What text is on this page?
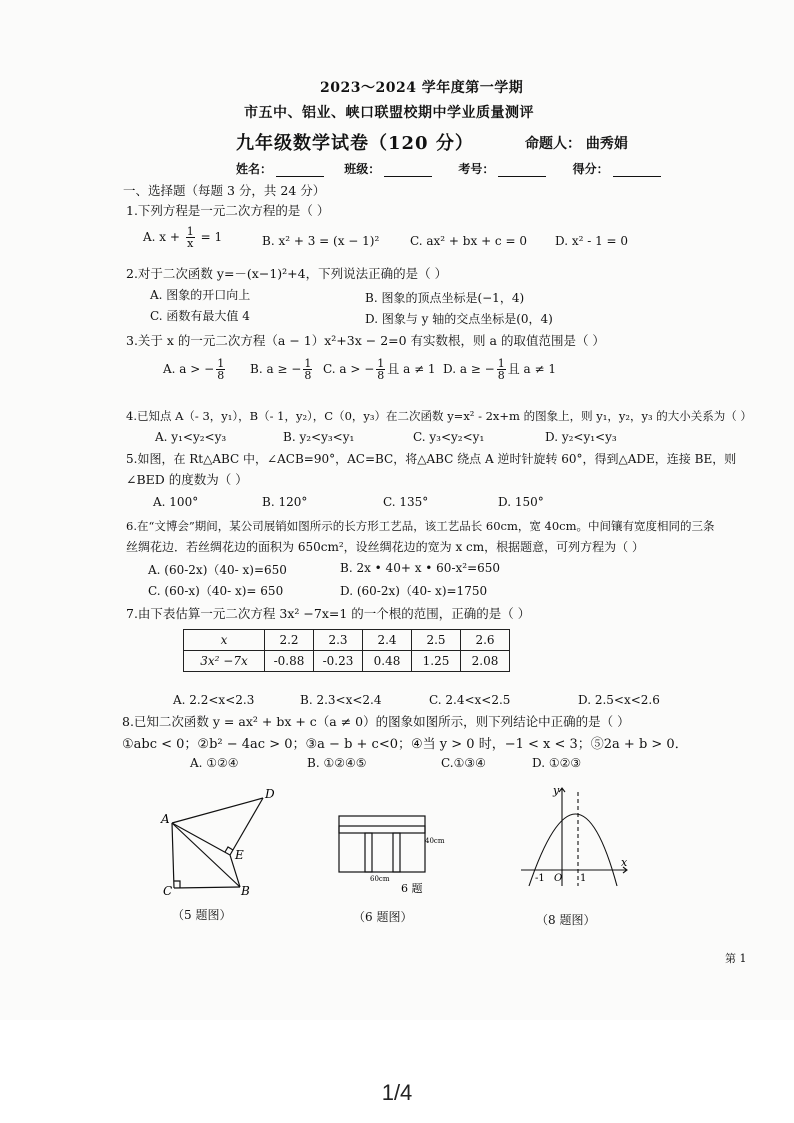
2023～2024 学年度第一学期
市五中、铝业、峡口联盟校期中学业质量测评
九年级数学试卷（120 分）	命题人： 曲秀娟
姓名：	班级：	考号：	得分：
一、选择题（每题 3 分，共 24 分）
1.下列方程是一元二次方程的是（ ）
A. $x + \frac{1}{x} = 1$	B. x² + 3 = (x − 1)²	C. ax² + bx + c = 0 D. x² - 1 = 0
2.对于二次函数 y=－(x−1)²+4，下列说法正确的是（ ）
A. 图象的开口向上	B. 图象的顶点坐标是(−1，4)
C. 函数有最大值 4	D. 图象与 y 轴的交点坐标是(0，4)
3.关于 x 的一元二次方程（a − 1）x²+3x − 2=0 有实数根，则 a 的取值范围是（ ）
A. a > − $\frac{1}{8} B$. a ≥ − $\frac{1}{8} C$. a > − $\frac{1}{8}$ 且 a ≠ 1 D. a ≥ − $\frac{1}{8}$ 且 a ≠ 1
4.已知点 A（- 3，y₁），B（- 1，y₂），C（0，y₃）在二次函数 y=x² - 2x+m 的图象上，则 y₁，y₂，y₃ 的大小关系为（ ）
A. y₁<y₂<y₃	B. y₂<y₃<y₁	C. y₃<y₂<y₁	D. y₂<y₁<y₃
5.如图，在 Rt△ABC 中，∠ACB=90°，AC=BC，将△ABC 绕点 A 逆时针旋转 60°，得到△ADE，连接 BE，则
∠BED 的度数为（ ）
A. 100°	B. 120°	C. 135°	D. 150°
6.在“文博会”期间，某公司展销如图所示的长方形工艺品，该工艺品长 60cm，宽 40cm。中间镶有宽度相同的三条
丝绸花边．若丝绸花边的面积为 650cm²，设丝绸花边的宽为 x cm，根据题意，可列方程为（ ）
A. (60-2x)（40- x)=650	B. 2x • 40+ x • 60-x²=650
C. (60-x)（40- x)= 650	D. (60-2x)（40- x)=1750
7.由下表估算一元二次方程 3x² −7x=1 的一个根的范围，正确的是（ ）
x	2.2	2.3	2.4	2.5	2.6
3x² −7x	-0.88	-0.23	0.48	1.25	2.08
A. 2.2<x<2.3	B. 2.3<x<2.4	C. 2.4<x<2.5	D. 2.5<x<2.6
8.已知二次函数 y = ax² + bx + c（a ≠ 0）的图象如图所示，则下列结论中正确的是（ ）
①abc < 0；②b² − 4ac > 0；③a − b + c<0；④当 y > 0 时，−1 < x < 3；⑤2a + b > 0．
A. ①②④	B. ①②④⑤	C.①③④	D. ①②③
A
D
E
C	B
（5 题图）
40cm
60cm
6 题
（6 题图）
y
x
O
-1	1
（8 题图）
第 1
1/4
